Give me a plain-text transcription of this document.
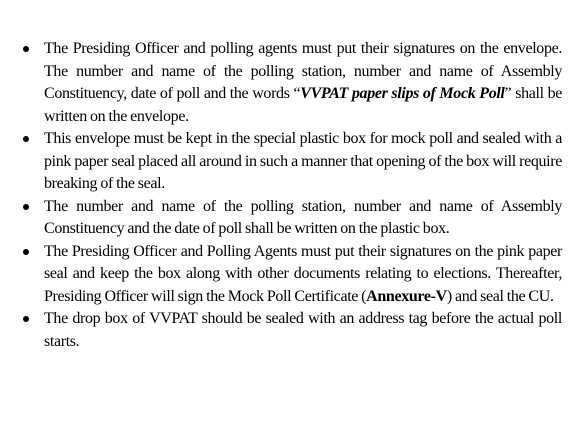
The Presiding Officer and polling agents must put their signatures on the envelope. The number and name of the polling station, number and name of Assembly Constituency, date of poll and the words “VVPAT paper slips of Mock Poll” shall be written on the envelope.
This envelope must be kept in the special plastic box for mock poll and sealed with a pink paper seal placed all around in such a manner that opening of the box will require breaking of the seal.
The number and name of the polling station, number and name of Assembly Constituency and the date of poll shall be written on the plastic box.
The Presiding Officer and Polling Agents must put their signatures on the pink paper seal and keep the box along with other documents relating to elections. Thereafter, Presiding Officer will sign the Mock Poll Certificate (Annexure-V) and seal the CU.
The drop box of VVPAT should be sealed with an address tag before the actual poll starts.
